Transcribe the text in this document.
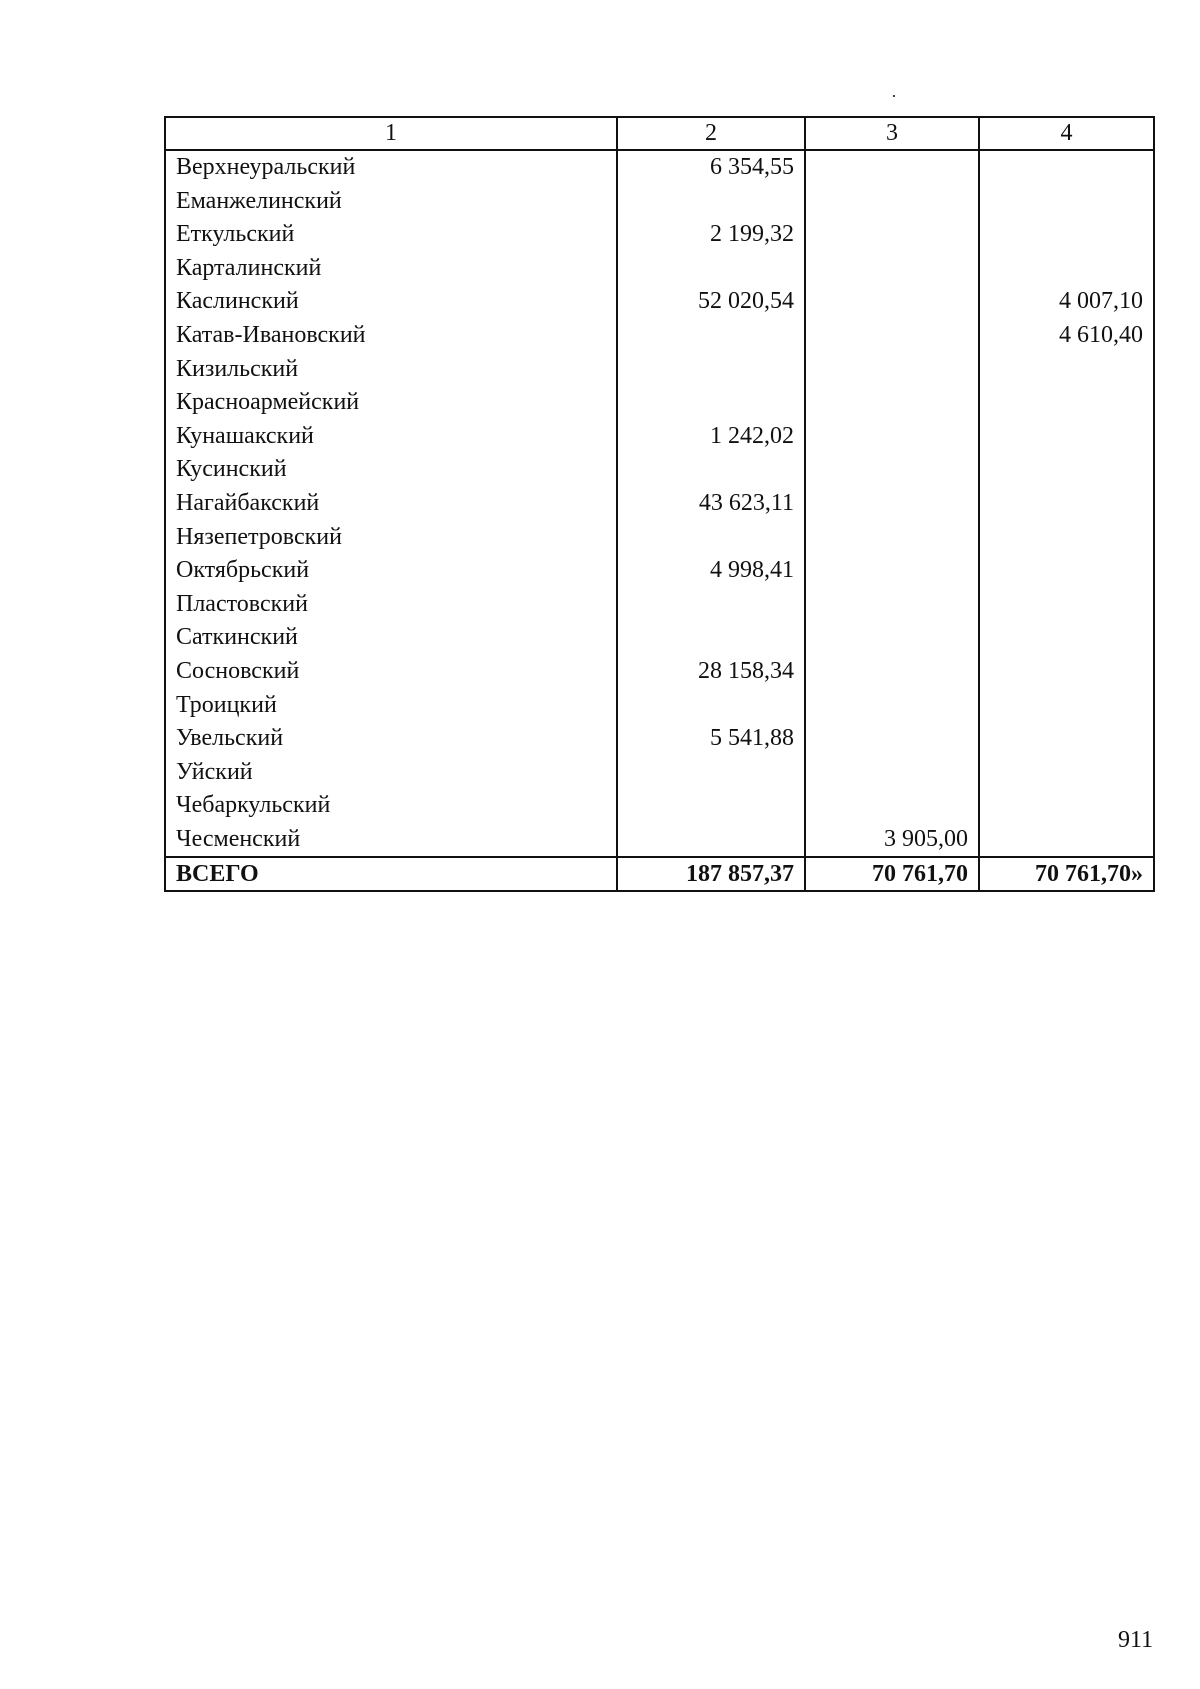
1	2	3	4
Верхнеуральский	6 354,55		
Еманжелинский			
Еткульский	2 199,32		
Карталинский			
Каслинский	52 020,54		4 007,10
Катав-Ивановский			4 610,40
Кизильский			
Красноармейский			
Кунашакский	1 242,02		
Кусинский			
Нагайбакский	43 623,11		
Нязепетровский			
Октябрьский	4 998,41		
Пластовский			
Саткинский			
Сосновский	28 158,34		
Троицкий			
Увельский	5 541,88		
Уйский			
Чебаркульский			
Чесменский		3 905,00	
ВСЕГО	187 857,37	70 761,70	70 761,70»
911
